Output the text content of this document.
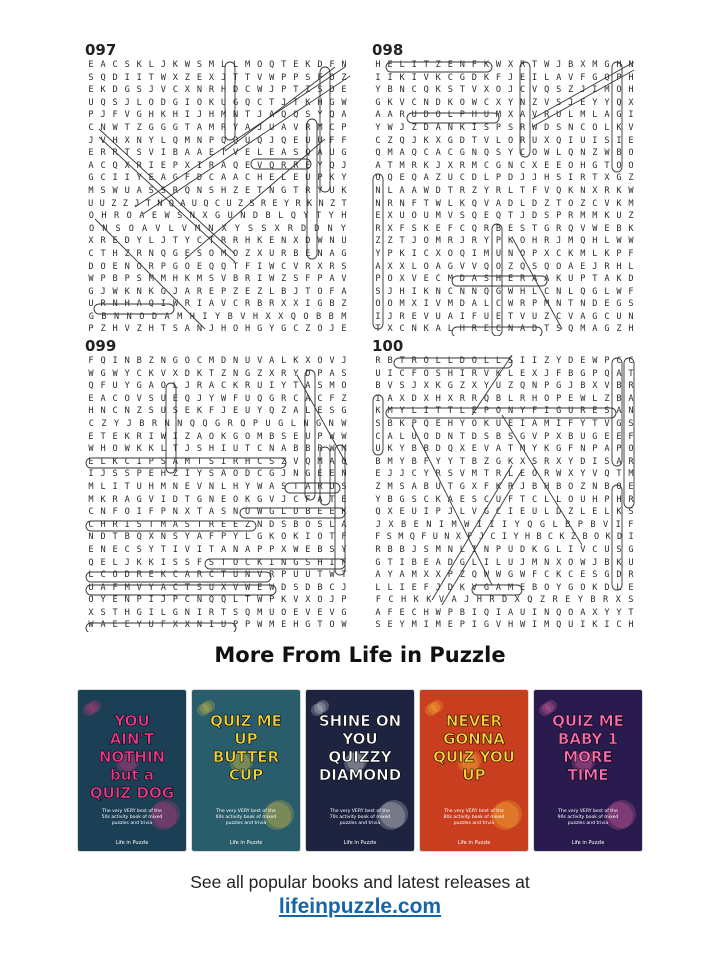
097
E A C S K L J K W S M L L M O Q T E K D F N
S Q D I I T W X Z E X J T T V W P P S F O Z
E K D G S J V C X N R H D C W J P T I S D E
U Q S J L O D G I O K U G Q C T J T K H G W
P J F V G H K H I J H M N T J A Q Q S Y Q A
C N W T Z G G G T A M R Y A J U A V R M C P
J V H X N Y L Q M N P Q Q U Q J Q E U U F F
E R R T S V I B A A E T V E L E A S Q A U G
A C Q X R I E P X I R A Q E V Q R R E Y Q J
G C I I Y E A G F D C A A C H E L E U P K Y
M S W U A S S R Q N S H Z E T N G T R Y U K
U U Z Z J T N Q A U Q C U Z S R E Y R K N Z T
O H R O A E W S N X G U N D B L Q Y T Y H
O N S O A V L V M N X Y S S X R D D N Y
X R E D Y L J T Y C T R R H K E N X D W N U
C T H Z R N Q G E S O M O Z X U R B E N A G
D O E N O R P G O E Q Q T F I W C V R X R S
W P B P S M M H K M S V B R I W Z S F P A V
G J W K N K G J A R E P Z E Z L B J T O F A
U R N H A Q I W R I A V C R B R X X I G B Z
G B N N O D A M H I Y B V H X X Q O B B M
P Z H V Z H T S A N J H O H G Y G C Z O J E
098
H E L I T Z E N F K W X R T W J B X M G H N
I I K I V K C G D K F J E I L A V F G Q P H
Y B N C Q K S T V X O J C V Q S Z J I M O H
G K V C N D K O W C X Y N Z V S J E Y Y Q X
A A R U D O L P H U M X A V R U L M L A G I
Y W J Z D A N K I S P S R W D S N C O L K V
C Z Q J K X G D T V L O R U X Q I U I S I E
Q M A Q C A C G N Q S Y C O W L Q N Z W B O
A T M R K J X R M C G N C X E E O H G T O O
O Q E Q A Z U C D L P D J J H S I R T X G Z
N L A A W D T R Z Y R L T F V Q K N X R K W
N R N F T W L K Q V A D L D Z T O Z C V K M
E X U O U M V S Q E Q T J D S P R M M K U Z
R X F S K E F C Q R B E S T G R Q V W E B K
Z Z T J O M R J R Y P K O H R J M Q H L W W
Y P K I C X O Q I M U N O P X C K M L K P F
A X X L O A G V V Q O Z Q S Q O A E J R H L
P O X V E C M D A S H E R A A K U P T A K D
S J H I K N C N N Q G W H L C N L Q G L W F
O O M X I V M D A L C W R P M N T N D E G S
I J R E V U A I F U E T V U Z C V A G C U N
T X C N K A L H R E C N A D T S Q M A G Z H
099
F Q I N B Z N G O C M D N U V A L K X O V J
W G W Y C K V X D K T Z N G Z X R Y D P A S
Q F U Y G A O L J R A C K R U I Y T A S M O
E A C O V S U E Q J Y W F U Q G R C A C F Z
H N C N Z S U S E K F J E U Y Q Z A L E S G
C Z Y J B R N N Q Q G R Q P U G L N G N W
E T E K R I W I Z A O K G O M B S E U P W W
W H O W K K L T J S H I U T C N A B B R W M
E L K C I P S A M T S I R H C S Z V Q M A O
I J S S P E H Z I Y S A O D C G J N G E E N
M L I T U H M N E V N L H Y W A S T A R O S
M K R A G V I D T G N E O K G V J C F A T E
C N F O I F P N X T A S N O W G L O B E E K
C H R I S T M A S T R E E Z N D S B O S L A
N D T B Q X N S Y A F P Y L G K O K I O T F
E N E C S Y T I V I T A N A P P X W E B S Y
Q E L J K K I S S F S T O C K I N G S H I F
L C O D R E K C A R C T U N V R P U U T W T
U A F M V Y A C T S U X V W E W D S D B C J
O Y E N P I J P C N Q Q L T W P K V X O J P
X S T H G I L G N I R T S Q M U O E V E V G
W A E E Y U F X X N I U P P W M E H G T O W
100
R B T R O L L D O L L S I I Z Y D E W P C C
U I C F O S H I R V K L E X J F B G P Q A T
B V S J X K G Z X Y U Z Q N P G J B X V B R
I A X D X H X R R Q B L R H O P E W L Z B A
K M Y L I T T L E P O N Y F I G U R E S A N
S B K P Q E H Y O K U E I A M I F Y T V G S
C A L U O D N T D S B S G V P X B U G E E F
U K Y B B D Q X E V A T M Y K G F N P A P O
B M Y B F Y Y T B Z G K X S R X Y D I S A R
E J J C Y R S V M T R L E O R W X Y V Q T M
Z M S A B U T G X F K R J B H B O Z N B O E
Y B G S C K A E S C U F T C L L O U H P H R
Q X E U I P J L V G C I E U L D Z L E L K S
J X B E N I M W I I I Y Q G L B P B V I F
F S M Q F U N X F J C I Y H B C K Z B O K D I
R B B J S M N L I N P U D K G L I V C U S G
G T I B E A D G L I L U J M N X O W J B K U
A Y A M X X P Z Q W W G W F C K C E S G D R
L L I E F J D K V G A M E B O Y G O K D L E
F C H K K V A J H R D X Q Z R E Y B R X S
A F E C H W P B I Q I A U I N Q O A X Y Y T
S E Y M I M E P I G V H W I M Q U I K I C H
More From Life in Puzzle
YOU AIN'T NOTHIN but a QUIZ DOG
The very VERY best of the 50s activity book of mixed puzzles and trivia
Life in Puzzle
QUIZ ME UP BUTTER CUP
The very VERY best of the 60s activity book of mixed puzzles and trivia
Life in Puzzle
SHINE ON YOU QUIZZY DIAMOND
The very VERY best of the 70s activity book of mixed puzzles and trivia
Life in Puzzle
NEVER GONNA QUIZ YOU UP
The very VERY best of the 80s activity book of mixed puzzles and trivia
Life in Puzzle
QUIZ ME BABY 1 MORE TIME
The very VERY best of the 90s activity book of mixed puzzles and trivia
Life in Puzzle
See all popular books and latest releases at
lifeinpuzzle.com
